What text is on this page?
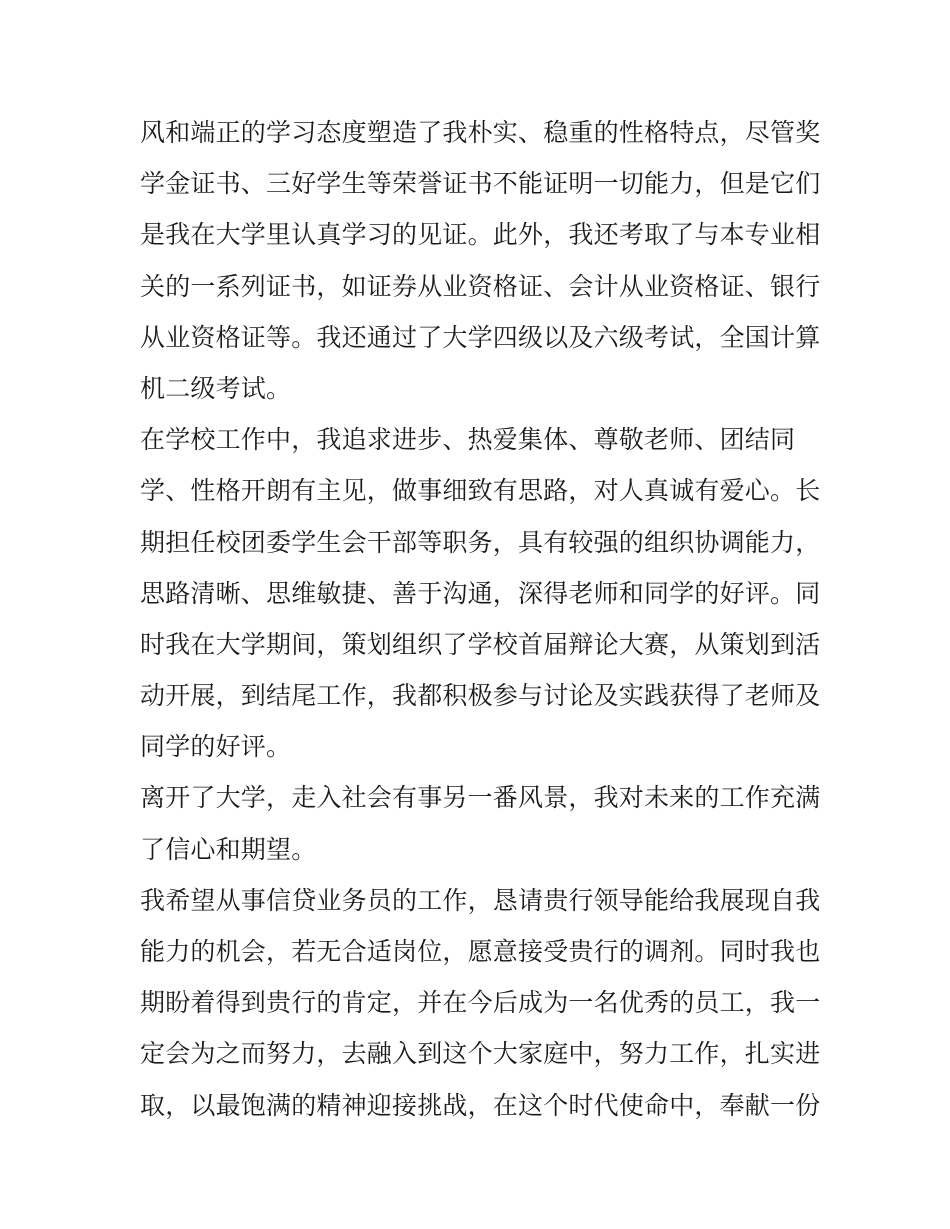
风和端正的学习态度塑造了我朴实、稳重的性格特点，尽管奖
学金证书、三好学生等荣誉证书不能证明一切能力，但是它们
是我在大学里认真学习的见证。此外，我还考取了与本专业相
关的一系列证书，如证券从业资格证、会计从业资格证、银行
从业资格证等。我还通过了大学四级以及六级考试，全国计算
机二级考试。
在学校工作中，我追求进步、热爱集体、尊敬老师、团结同
学、性格开朗有主见，做事细致有思路，对人真诚有爱心。长
期担任校团委学生会干部等职务，具有较强的组织协调能力，
思路清晰、思维敏捷、善于沟通，深得老师和同学的好评。同
时我在大学期间，策划组织了学校首届辩论大赛，从策划到活
动开展，到结尾工作，我都积极参与讨论及实践获得了老师及
同学的好评。
离开了大学，走入社会有事另一番风景，我对未来的工作充满
了信心和期望。
我希望从事信贷业务员的工作，恳请贵行领导能给我展现自我
能力的机会，若无合适岗位，愿意接受贵行的调剂。同时我也
期盼着得到贵行的肯定，并在今后成为一名优秀的员工，我一
定会为之而努力，去融入到这个大家庭中，努力工作，扎实进
取，以最饱满的精神迎接挑战，在这个时代使命中，奉献一份
